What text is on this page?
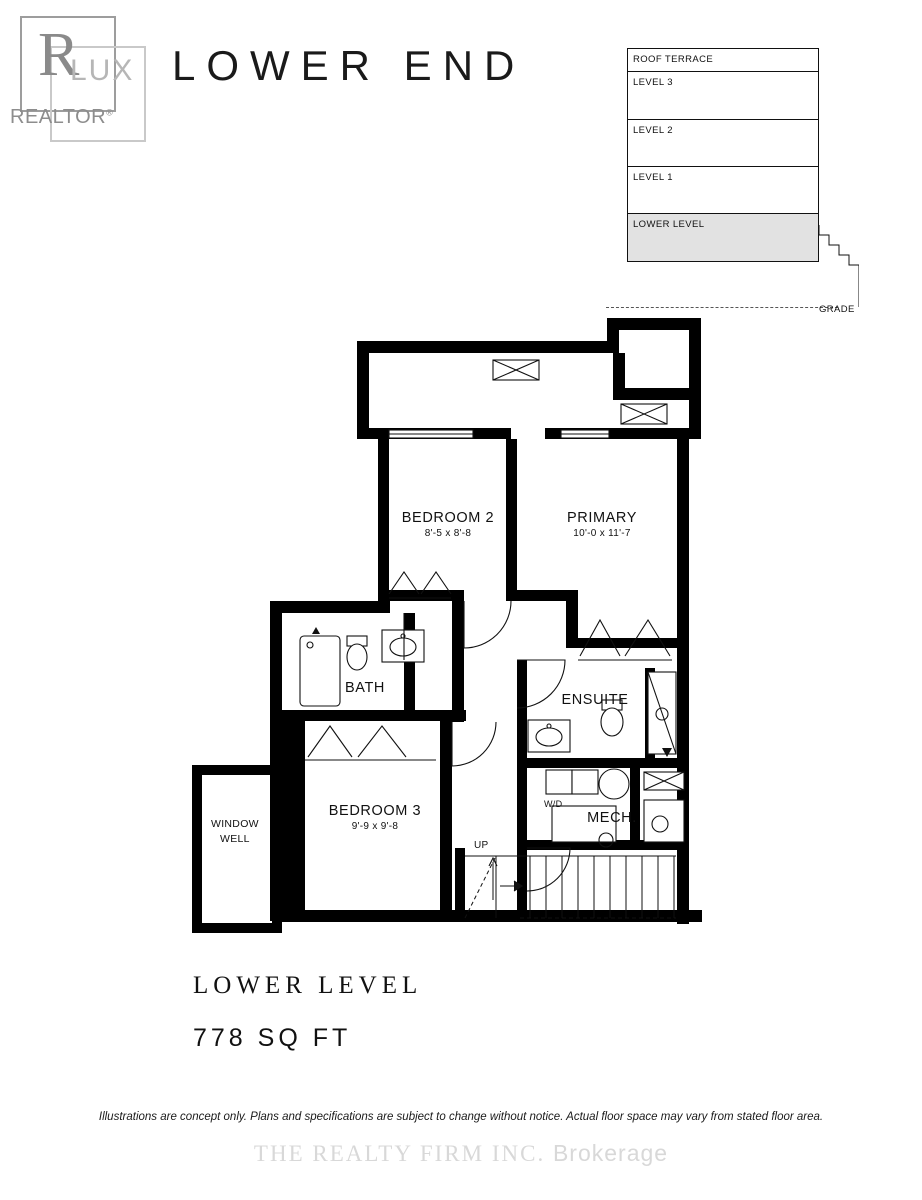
R
LUX
REALTOR®
LOWER END	ROOF TERRACE
LEVEL 3
LEVEL 2
LEVEL 1
LOWER LEVEL
GRADE
BEDROOM 2
8'-5 x 8'-8
PRIMARY
10'-0 x 11'-7
BATH
ENSUITE
BEDROOM 3
9'-9 x 9'-8
MECH.
WINDOW
WELL
W/D
UP
LOWER LEVEL
778 SQ FT
Illustrations are concept only. Plans and specifications are subject to change without notice. Actual floor space may vary from stated floor area.
THE REALTY FIRM INC. Brokerage
